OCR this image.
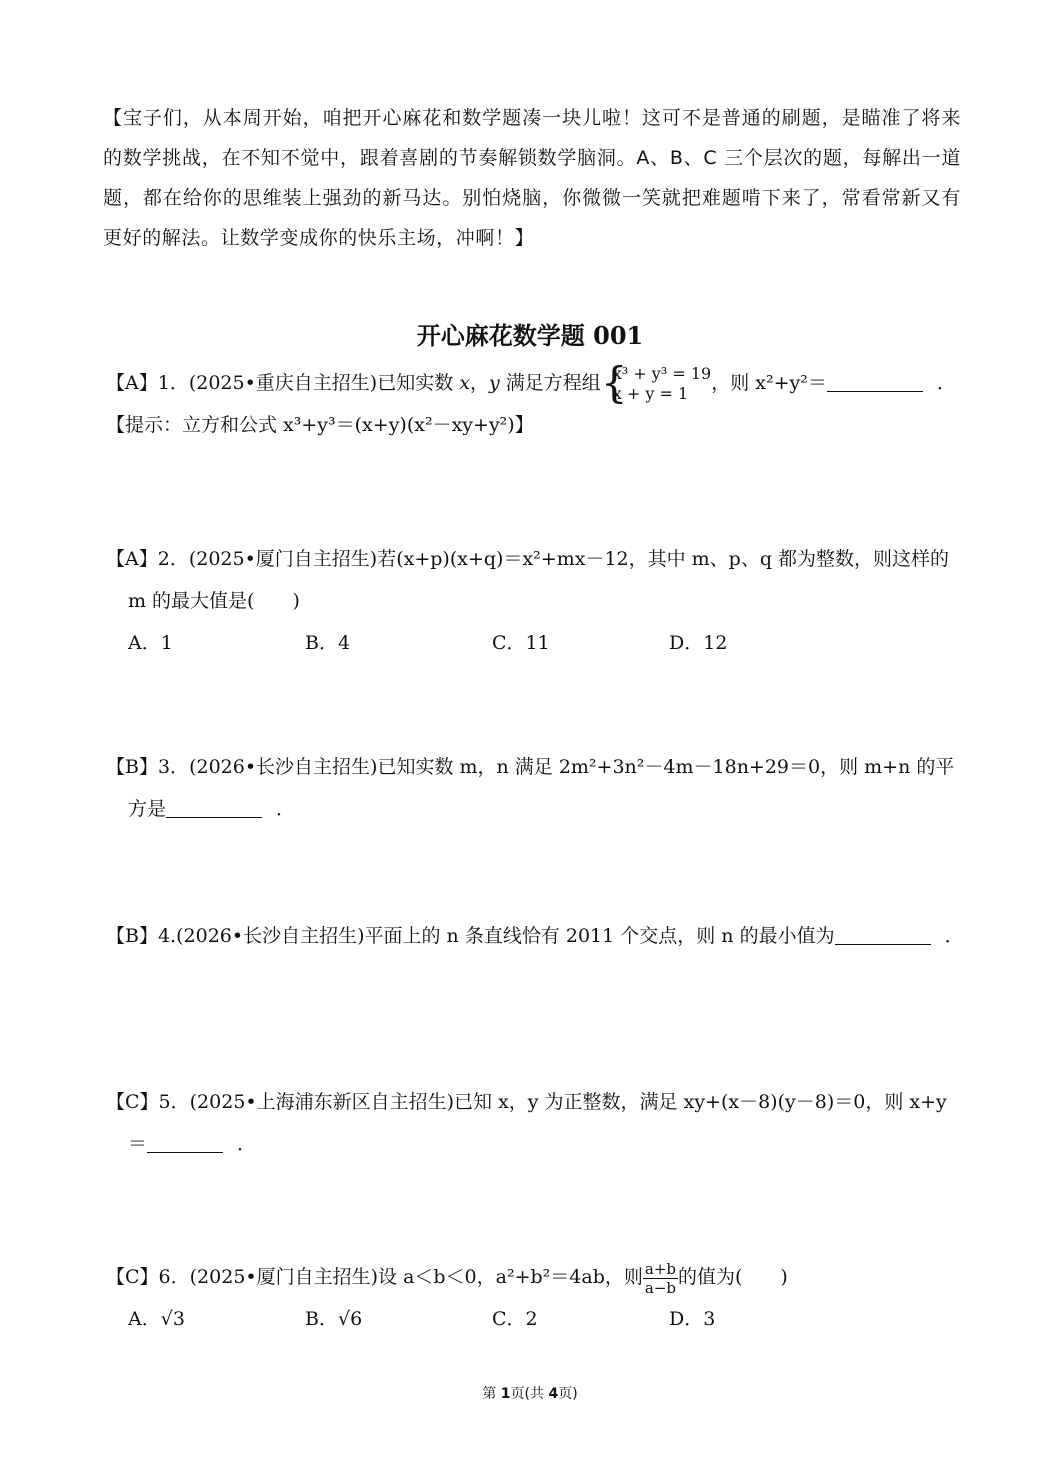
【宝子们，从本周开始，咱把开心麻花和数学题凑一块儿啦！这可不是普通的刷题，是瞄准了将来的数学挑战，在不知不觉中，跟着喜剧的节奏解锁数学脑洞。A、B、C 三个层次的题，每解出一道题，都在给你的思维装上强劲的新马达。别怕烧脑，你微微一笑就把难题啃下来了，常看常新又有更好的解法。让数学变成你的快乐主场，冲啊！】
开心麻花数学题 001
【A】1．(2025•重庆自主招生)已知实数 x，y 满足方程组 {
x³ + y³ = 19
x + y = 1	，则 x²+y²＝	．
【提示：立方和公式 x³+y³＝(x+y)(x²－xy+y²)】
【A】2．(2025•厦门自主招生)若(x+p)(x+q)＝x²+mx－12，其中 m、p、q 都为整数，则这样的
m 的最大值是(　　)
A．1	B．4	C．11	D．12
【B】3．(2026•长沙自主招生)已知实数 m，n 满足 2m²+3n²－4m－18n+29＝0，则 m+n 的平
方是	．
【B】4.(2026•长沙自主招生)平面上的 n 条直线恰有 2011 个交点，则 n 的最小值为	．
【C】5．(2025•上海浦东新区自主招生)已知 x，y 为正整数，满足 xy+(x－8)(y－8)＝0，则 x+y
＝	．
【C】6．(2025•厦门自主招生)设 a＜b＜0，a²+b²＝4ab，则 $\frac{a+b}{a-b}$ 的值为(　　)
A．√3	B．√6	C．2	D．3
第 1页(共 4页)
